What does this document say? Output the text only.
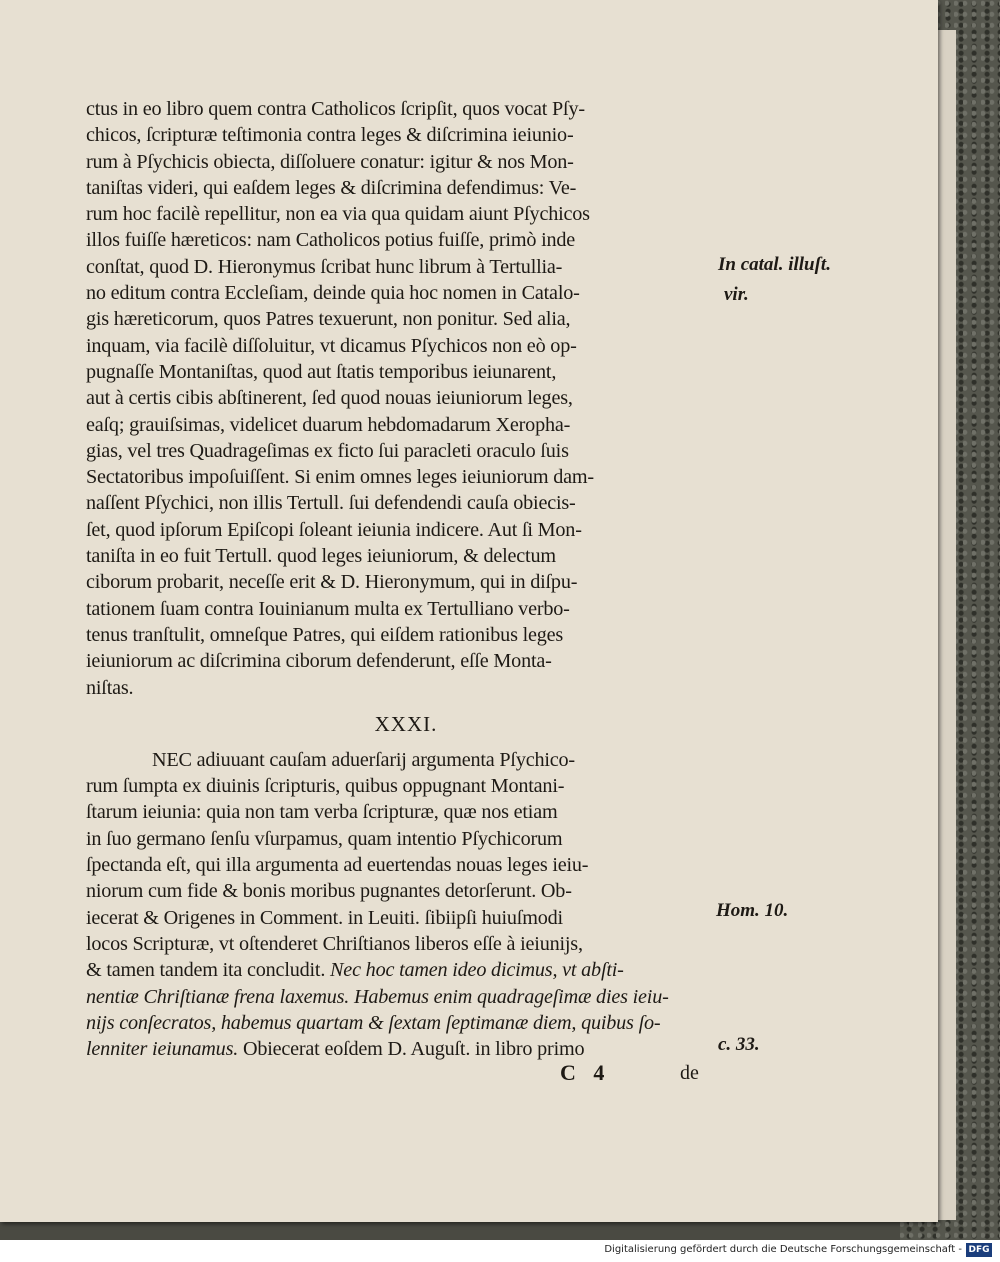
ctus in eo libro quem contra Catholicos ſcripſit, quos vocat Pſy-
chicos, ſcripturæ teſtimonia contra leges & diſcrimina ieiunio-
rum à Pſychicis obiecta, diſſoluere conatur: igitur & nos Mon-
taniſtas videri, qui eaſdem leges & diſcrimina defendimus: Ve-
rum hoc facilè repellitur, non ea via qua quidam aiunt Pſychicos
illos fuiſſe hæreticos: nam Catholicos potius fuiſſe, primò inde
conſtat, quod D. Hieronymus ſcribat hunc librum à Tertullia-
no editum contra Eccleſiam, deinde quia hoc nomen in Catalo-
gis hæreticorum, quos Patres texuerunt, non ponitur. Sed alia,
inquam, via facilè diſſoluitur, vt dicamus Pſychicos non eò op-
pugnaſſe Montaniſtas, quod aut ſtatis temporibus ieiunarent,
aut à certis cibis abſtinerent, ſed quod nouas ieiuniorum leges,
eaſq; grauiſsimas, videlicet duarum hebdomadarum Xeropha-
gias, vel tres Quadrageſimas ex ficto ſui paracleti oraculo ſuis
Sectatoribus impoſuiſſent. Si enim omnes leges ieiuniorum dam-
naſſent Pſychici, non illis Tertull. ſui defendendi cauſa obiecis-
ſet, quod ipſorum Epiſcopi ſoleant ieiunia indicere. Aut ſi Mon-
taniſta in eo fuit Tertull. quod leges ieiuniorum, & delectum
ciborum probarit, neceſſe erit & D. Hieronymum, qui in diſpu-
tationem ſuam contra Iouinianum multa ex Tertulliano verbo-
tenus tranſtulit, omneſque Patres, qui eiſdem rationibus leges
ieiuniorum ac diſcrimina ciborum defenderunt, eſſe Monta-
niſtas.
XXXI.
NEC adiuuant cauſam aduerſarij argumenta Pſychico-
rum ſumpta ex diuinis ſcripturis, quibus oppugnant Montani-
ſtarum ieiunia: quia non tam verba ſcripturæ, quæ nos etiam
in ſuo germano ſenſu vſurpamus, quam intentio Pſychicorum
ſpectanda eſt, qui illa argumenta ad euertendas nouas leges ieiu-
niorum cum fide & bonis moribus pugnantes detorſerunt. Ob-
iecerat & Origenes in Comment. in Leuiti. ſibiipſi huiuſmodi
locos Scripturæ, vt oſtenderet Chriſtianos liberos eſſe à ieiunijs,
& tamen tandem ita concludit. Nec hoc tamen ideo dicimus, vt abſti-
nentiæ Chriſtianæ frena laxemus. Habemus enim quadrageſimæ dies ieiu-
nijs conſecratos, habemus quartam & ſextam ſeptimanæ diem, quibus ſo-
lenniter ieiunamus. Obiecerat eoſdem D. Auguſt. in libro primo
In catal. illuſt.
vir.
Hom. 10.
c. 33.
C 4	de
Digitalisierung gefördert durch die Deutsche Forschungsgemeinschaft - DFG
